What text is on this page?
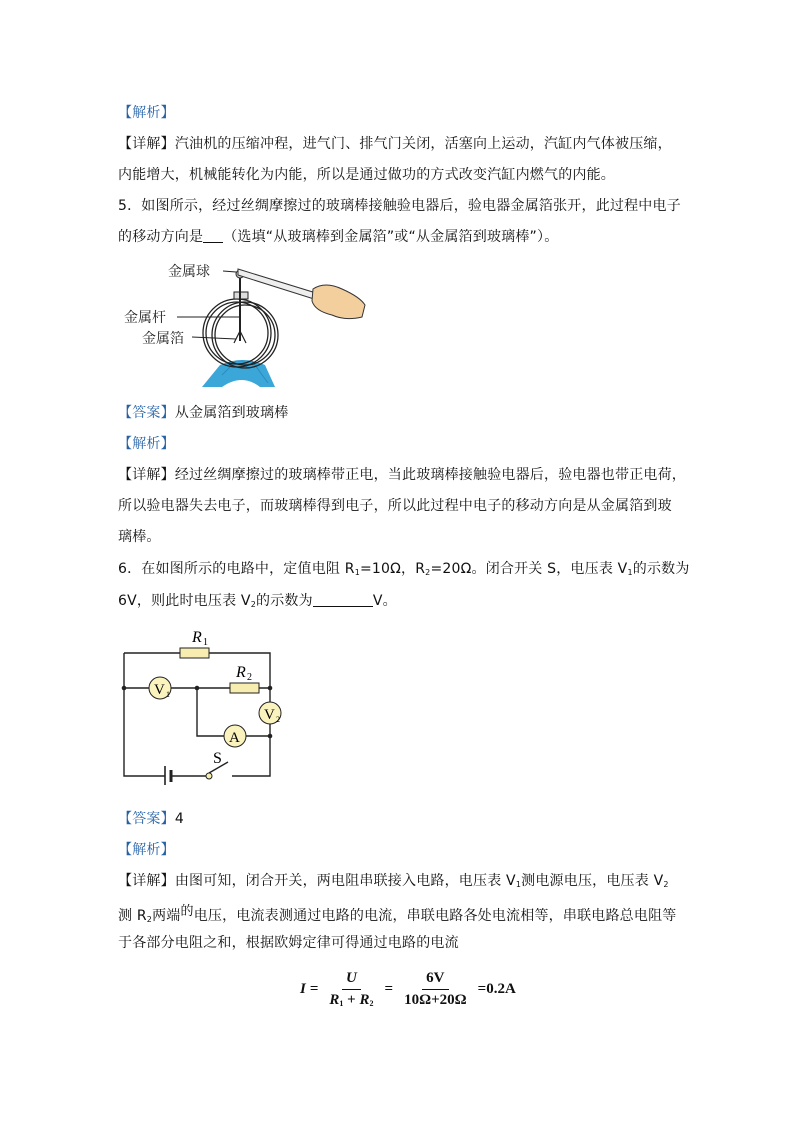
【解析】
【详解】汽油机的压缩冲程，进气门、排气门关闭，活塞向上运动，汽缸内气体被压缩，
内能增大，机械能转化为内能，所以是通过做功的方式改变汽缸内燃气的内能。
5．如图所示，经过丝绸摩擦过的玻璃棒接触验电器后，验电器金属箔张开，此过程中电子
的移动方向是 （选填“从玻璃棒到金属箔”或“从金属箔到玻璃棒”）。
金属球
金属杆
金属箔
【答案】从金属箔到玻璃棒
【解析】
【详解】经过丝绸摩擦过的玻璃棒带正电，当此玻璃棒接触验电器后，验电器也带正电荷，
所以验电器失去电子，而玻璃棒得到电子，所以此过程中电子的移动方向是从金属箔到玻
璃棒。
6．在如图所示的电路中，定值电阻 $R_1=10\Omega$，$R_2=20\Omega$。闭合开关 S，电压表 $V_1$的示数为
6V，则此时电压表 $V_2$的示数为	V。
V 1
V 2
A
R 1
R 2
S
【答案】4
【解析】
【详解】由图可知，闭合开关，两电阻串联接入电路，电压表 $V_1$测电源电压，电压表 $V_2$
测 $R_2$两端的电压，电流表测通过电路的电流，串联电路各处电流相等，串联电路总电阻等
于各部分电阻之和，根据欧姆定律可得通过电路的电流
$I = \frac{U}{R_1 + R_2} = \frac{6V}{10\Omega+20\Omega} =0.2A$
